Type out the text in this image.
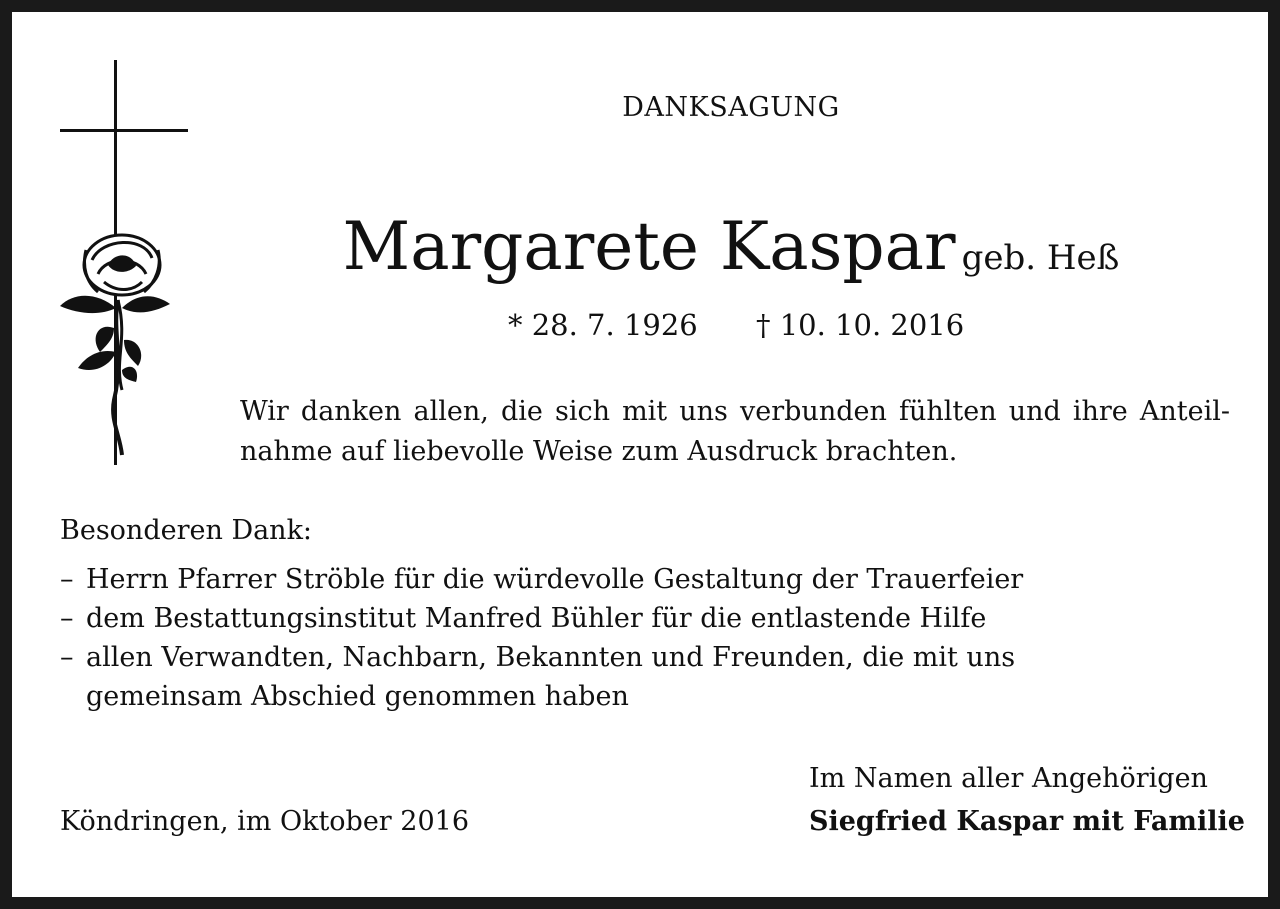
DANKSAGUNG
Margarete Kaspar geb. Heß
* 28. 7. 1926 † 10. 10. 2016
Wir danken allen, die sich mit uns verbunden fühlten und ihre Anteilnahme auf liebevolle Weise zum Ausdruck brachten.
Besonderen Dank:
– Herrn Pfarrer Ströble für die würdevolle Gestaltung der Trauerfeier
– dem Bestattungsinstitut Manfred Bühler für die entlastende Hilfe
– allen Verwandten, Nachbarn, Bekannten und Freunden, die mit uns gemeinsam Abschied genommen haben
Köndringen, im Oktober 2016
Im Namen aller Angehörigen
Siegfried Kaspar mit Familie
